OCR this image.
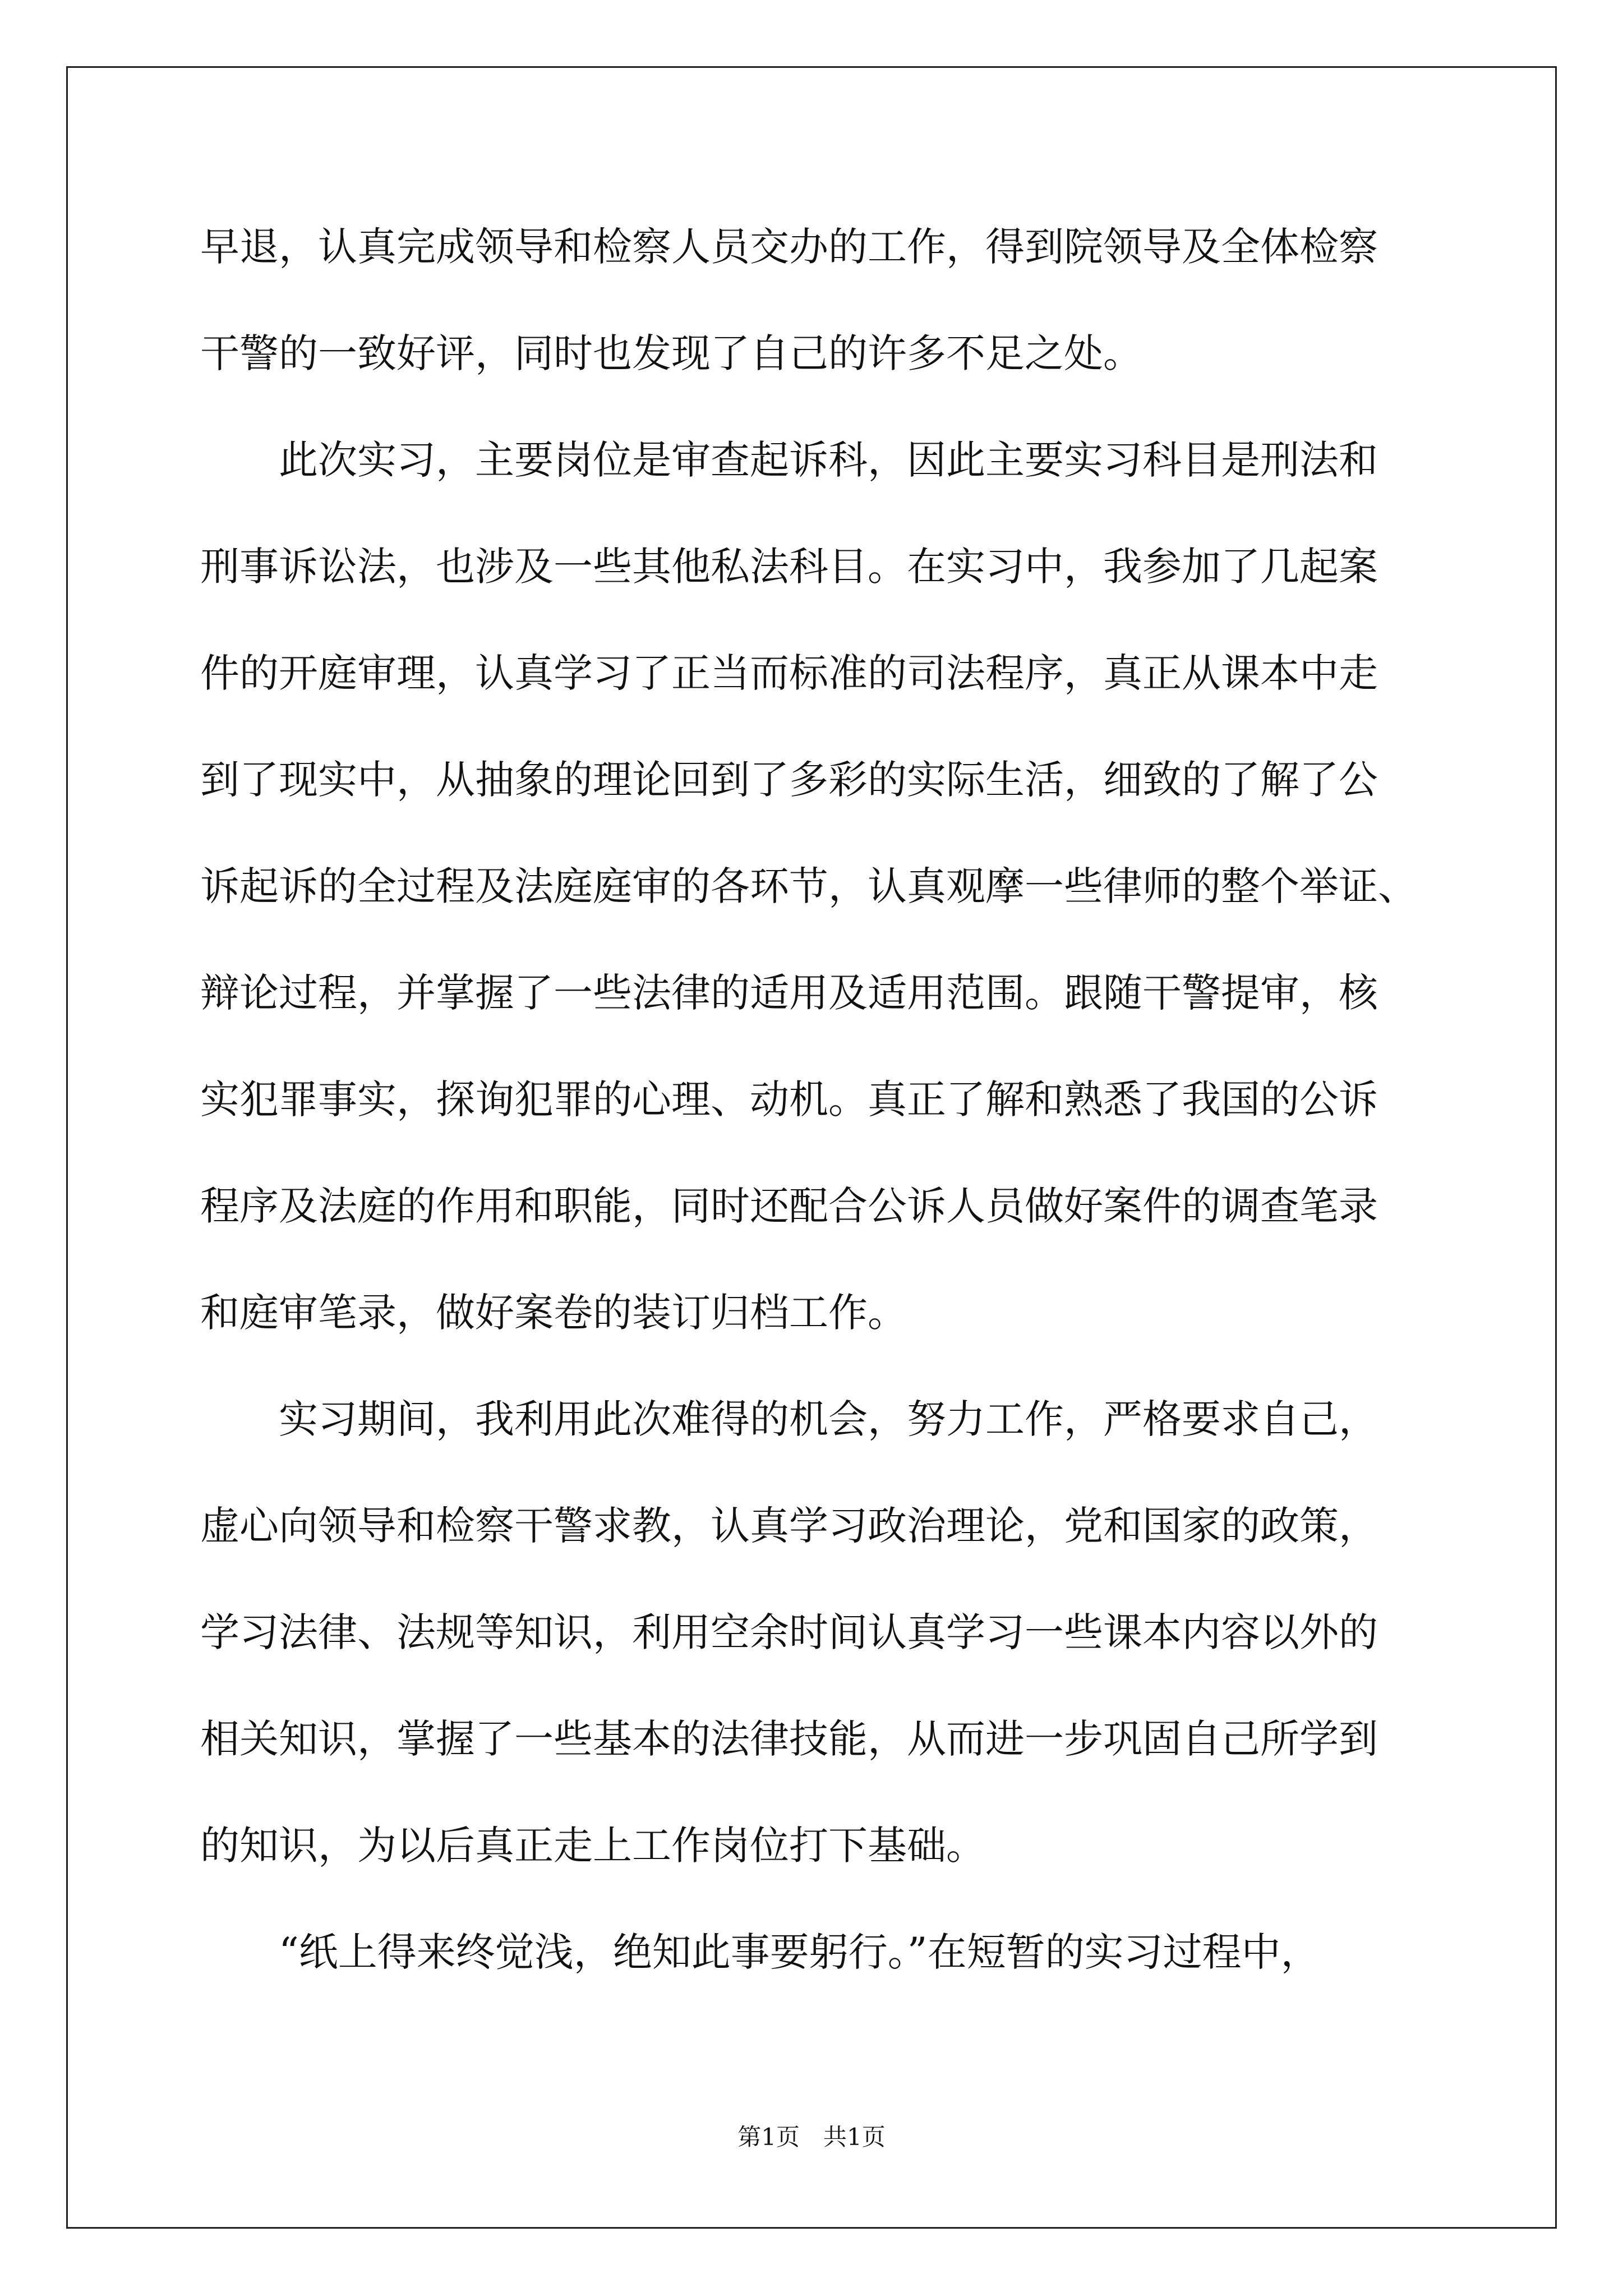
早退，认真完成领导和检察人员交办的工作，得到院领导及全体检察
干警的一致好评，同时也发现了自己的许多不足之处。
此次实习，主要岗位是审查起诉科，因此主要实习科目是刑法和
刑事诉讼法，也涉及一些其他私法科目。在实习中，我参加了几起案
件的开庭审理，认真学习了正当而标准的司法程序，真正从课本中走
到了现实中，从抽象的理论回到了多彩的实际生活，细致的了解了公
诉起诉的全过程及法庭庭审的各环节，认真观摩一些律师的整个举证、
辩论过程，并掌握了一些法律的适用及适用范围。跟随干警提审，核
实犯罪事实，探询犯罪的心理、动机。真正了解和熟悉了我国的公诉
程序及法庭的作用和职能，同时还配合公诉人员做好案件的调查笔录
和庭审笔录，做好案卷的装订归档工作。
实习期间，我利用此次难得的机会，努力工作，严格要求自己，
虚心向领导和检察干警求教，认真学习政治理论，党和国家的政策，
学习法律、法规等知识，利用空余时间认真学习一些课本内容以外的
相关知识，掌握了一些基本的法律技能，从而进一步巩固自己所学到
的知识，为以后真正走上工作岗位打下基础。
“纸上得来终觉浅，绝知此事要躬行。”在短暂的实习过程中，
第1页　共1页
